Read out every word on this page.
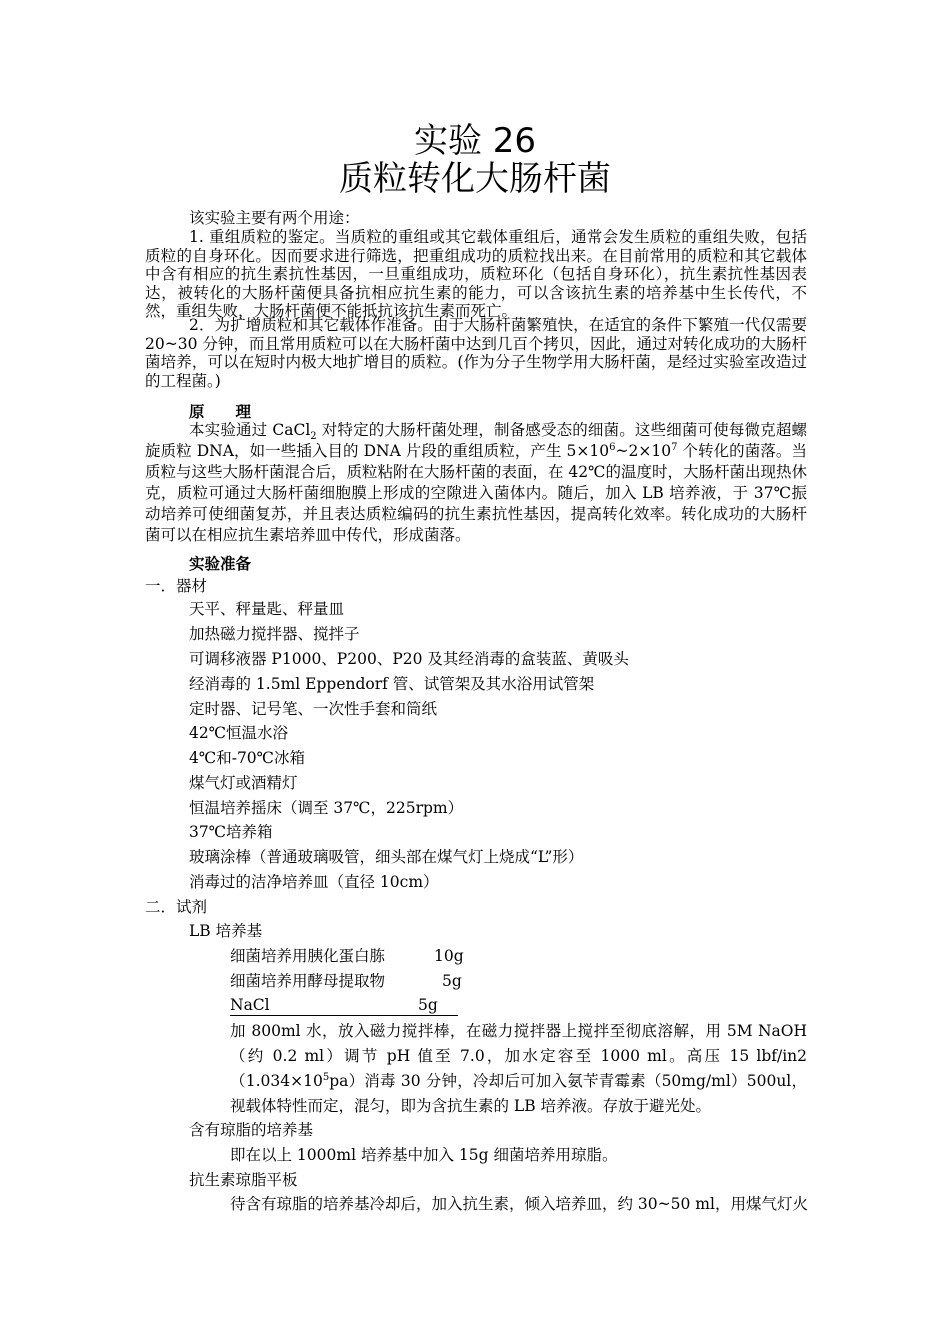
实验 26
质粒转化大肠杆菌
该实验主要有两个用途：
1. 重组质粒的鉴定。当质粒的重组或其它载体重组后，通常会发生质粒的重组失败，包括质粒的自身环化。因而要求进行筛选，把重组成功的质粒找出来。在目前常用的质粒和其它载体中含有相应的抗生素抗性基因，一旦重组成功，质粒环化（包括自身环化），抗生素抗性基因表达，被转化的大肠杆菌便具备抗相应抗生素的能力，可以含该抗生素的培养基中生长传代，不然，重组失败，大肠杆菌便不能抵抗该抗生素而死亡。
2．为扩增质粒和其它载体作准备。由于大肠杆菌繁殖快，在适宜的条件下繁殖一代仅需要 20~30 分钟，而且常用质粒可以在大肠杆菌中达到几百个拷贝，因此，通过对转化成功的大肠杆菌培养，可以在短时内极大地扩增目的质粒。(作为分子生物学用大肠杆菌，是经过实验室改造过的工程菌。)
原　　理
本实验通过 CaCl$_2$ 对特定的大肠杆菌处理，制备感受态的细菌。这些细菌可使每微克超螺旋质粒 DNA，如一些插入目的 DNA 片段的重组质粒，产生 $5\times 10^6\sim 2\times 10^7$ 个转化的菌落。当质粒与这些大肠杆菌混合后，质粒粘附在大肠杆菌的表面，在 42℃的温度时，大肠杆菌出现热休克，质粒可通过大肠杆菌细胞膜上形成的空隙进入菌体内。随后，加入 LB 培养液，于 37℃振动培养可使细菌复苏，并且表达质粒编码的抗生素抗性基因，提高转化效率。转化成功的大肠杆菌可以在相应抗生素培养皿中传代，形成菌落。
实验准备
一．器材
天平、秤量匙、秤量皿
加热磁力搅拌器、搅拌子
可调移液器 P1000、P200、P20 及其经消毒的盒装蓝、黄吸头
经消毒的 1.5ml Eppendorf 管、试管架及其水浴用试管架
定时器、记号笔、一次性手套和筒纸
42℃恒温水浴
4℃和-70℃冰箱
煤气灯或酒精灯
恒温培养摇床（调至 37℃，225rpm）
37℃培养箱
玻璃涂棒（普通玻璃吸管，细头部在煤气灯上烧成“L”形）
消毒过的洁净培养皿（直径 10cm）
二．试剂
LB 培养基
细菌培养用胰化蛋白胨	10g
细菌培养用酵母提取物	5g
NaCl	5g
加 800ml 水，放入磁力搅拌棒，在磁力搅拌器上搅拌至彻底溶解，用 5M NaOH（约 0.2 ml）调节 pH 值至 7.0，加水定容至 1000 ml。高压 15 lbf/$in2(1.034\times 10^5pa)$消毒 30 分钟，冷却后可加入氨苄青霉素（50mg/ml）500ul，视载体特性而定，混匀，即为含抗生素的 LB 培养液。存放于避光处。
含有琼脂的培养基
即在以上 1000ml 培养基中加入 15g 细菌培养用琼脂。
抗生素琼脂平板
待含有琼脂的培养基冷却后，加入抗生素，倾入培养皿，约 30~50 ml，用煤气灯火
